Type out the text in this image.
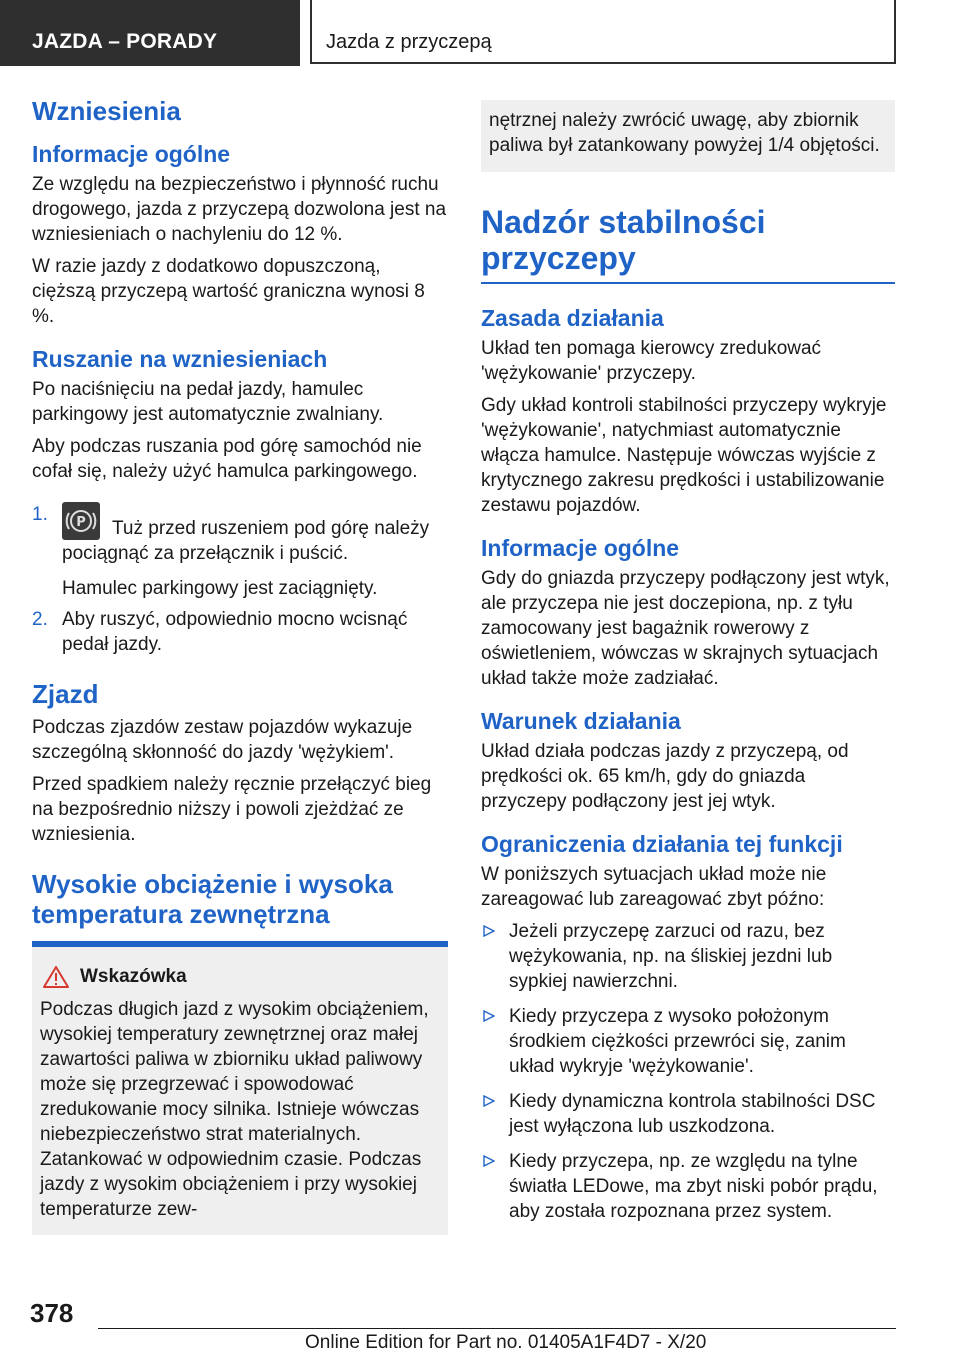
JAZDA – PORADY	Jazda z przyczepą
Wzniesienia
Informacje ogólne

Ze względu na bezpieczeństwo i płynność ruchu drogowego, jazda z przyczepą dozwolona jest na wzniesieniach o nachyleniu do 12 %.

W razie jazdy z dodatkowo dopuszczoną, cięższą przyczepą wartość graniczna wynosi 8 %.

Ruszanie na wzniesieniach

Po naciśnięciu na pedał jazdy, hamulec parkingowy jest automatycznie zwalniany.

Aby podczas ruszania pod górę samochód nie cofał się, należy użyć hamulca parkingowego.

1. P Tuż przed ruszeniem pod górę należy pociągnąć za przełącznik i puścić.
Hamulec parkingowy jest zaciągnięty.
2. Aby ruszyć, odpowiednio mocno wcisnąć pedał jazdy.
Zjazd

Podczas zjazdów zestaw pojazdów wykazuje szczególną skłonność do jazdy 'wężykiem'.

Przed spadkiem należy ręcznie przełączyć bieg na bezpośrednio niższy i powoli zjeżdżać ze wzniesienia.

Wysokie obciążenie i wysoka temperatura zewnętrzna
Wskazówka

Podczas długich jazd z wysokim obciążeniem, wysokiej temperatury zewnętrznej oraz małej zawartości paliwa w zbiorniku układ paliwowy może się przegrzewać i spowodować zredukowanie mocy silnika. Istnieje wówczas niebezpieczeństwo strat materialnych. Zatankować w odpowiednim czasie. Podczas jazdy z wysokim obciążeniem i przy wysokiej temperaturze zew-

nętrznej należy zwrócić uwagę, aby zbiornik paliwa był zatankowany powyżej 1/4 objętości.

Nadzór stabilności przyczepy
Zasada działania

Układ ten pomaga kierowcy zredukować 'wężykowanie' przyczepy.

Gdy układ kontroli stabilności przyczepy wykryje 'wężykowanie', natychmiast automatycznie włącza hamulce. Następuje wówczas wyjście z krytycznego zakresu prędkości i ustabilizowanie zestawu pojazdów.

Informacje ogólne

Gdy do gniazda przyczepy podłączony jest wtyk, ale przyczepa nie jest doczepiona, np. z tyłu zamocowany jest bagażnik rowerowy z oświetleniem, wówczas w skrajnych sytuacjach układ także może zadziałać.

Warunek działania

Układ działa podczas jazdy z przyczepą, od prędkości ok. 65 km/h, gdy do gniazda przyczepy podłączony jest jej wtyk.

Ograniczenia działania tej funkcji

W poniższych sytuacjach układ może nie zareagować lub zareagować zbyt późno:

Jeżeli przyczepę zarzuci od razu, bez wężykowania, np. na śliskiej jezdni lub sypkiej nawierzchni.
Kiedy przyczepa z wysoko położonym środkiem ciężkości przewróci się, zanim układ wykryje 'wężykowanie'.
Kiedy dynamiczna kontrola stabilności DSC jest wyłączona lub uszkodzona.
Kiedy przyczepa, np. ze względu na tylne światła LEDowe, ma zbyt niski pobór prądu, aby została rozpoznana przez system.
378
Online Edition for Part no. 01405A1F4D7 - X/20
